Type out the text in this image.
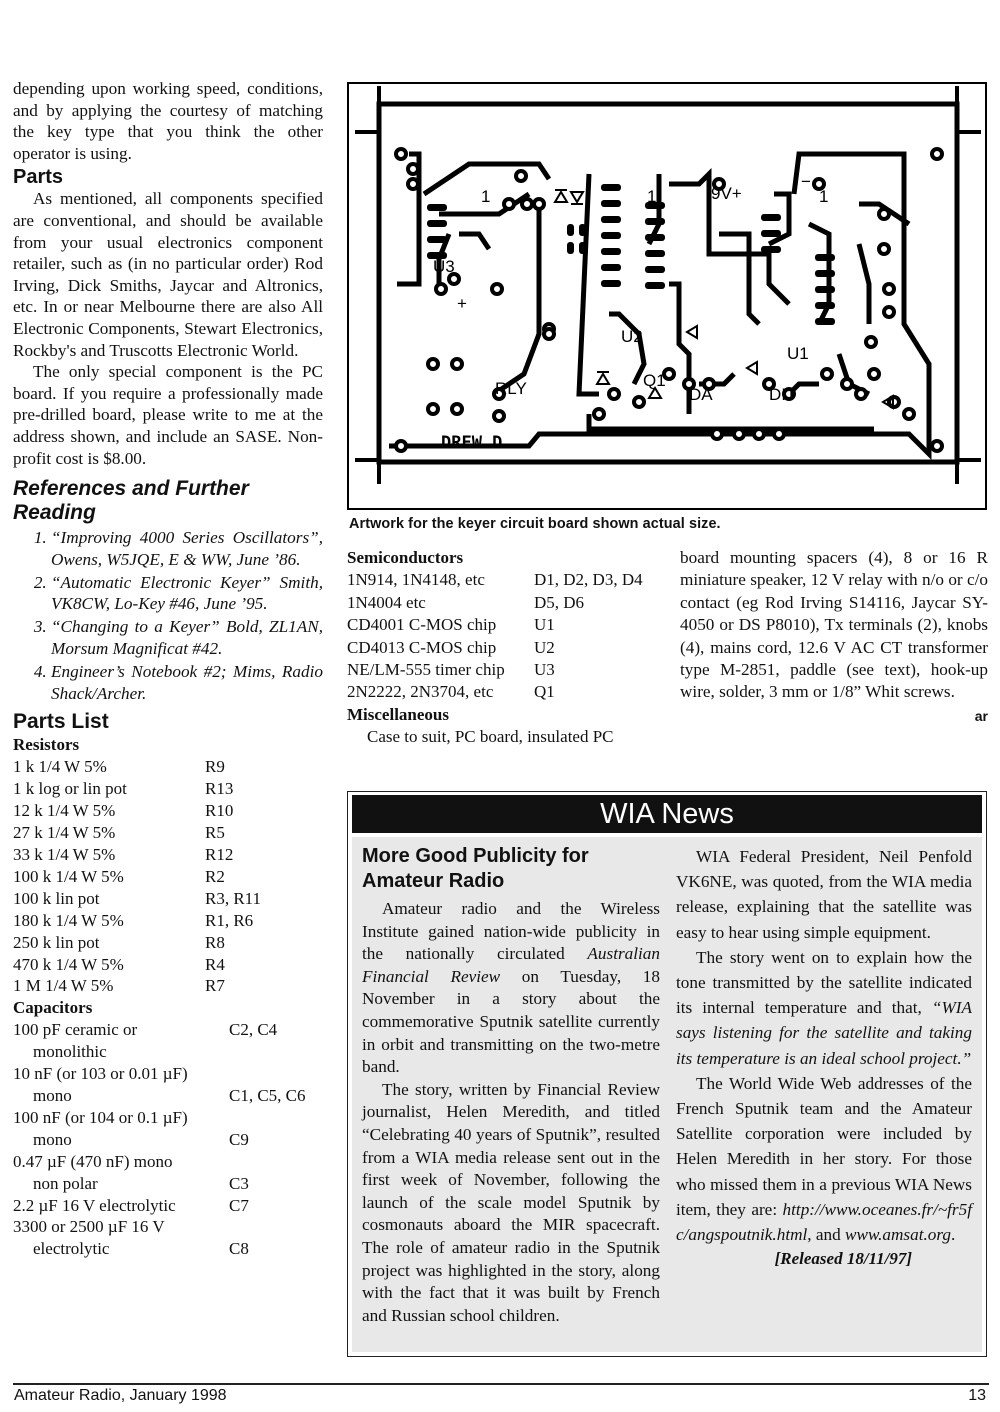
depending upon working speed, conditions, and by applying the courtesy of matching the key type that you think the other operator is using.

Parts

As mentioned, all components specified are conventional, and should be available from your usual electronics component retailer, such as (in no particular order) Rod Irving, Dick Smiths, Jaycar and Altronics, etc. In or near Melbourne there are also All Electronic Components, Stewart Electronics, Rockby's and Truscotts Electronic World.

The only special component is the PC board. If you require a professionally made pre-drilled board, please write to me at the address shown, and include an SASE. Non-profit cost is $8.00.

References and Further Reading
1. “Improving 4000 Series Oscillators”, Owens, W5JQE, E & WW, June ’86.
2. “Automatic Electronic Keyer” Smith, VK8CW, Lo-Key #46, June ’95.
3. “Changing to a Keyer” Bold, ZL1AN, Morsum Magnificat #42.
4. Engineer’s Notebook #2; Mims, Radio Shack/Archer.
Parts List
Resistors
1 k 1/4 W 5%	R9
1 k log or lin pot	R13
12 k 1/4 W 5%	R10
27 k 1/4 W 5%	R5
33 k 1/4 W 5%	R12
100 k 1/4 W 5%	R2
100 k lin pot	R3, R11
180 k 1/4 W 5%	R1, R6
250 k lin pot	R8
470 k 1/4 W 5%	R4
1 M 1/4 W 5%	R7
Capacitors
100 pF ceramic or	C2, C4
monolithic
10 nF (or 103 or 0.01 µF)
mono	C1, C5, C6
100 nF (or 104 or 0.1 µF)
mono	C9
0.47 µF (470 nF) mono
non polar	C3
2.2 µF 16 V electrolytic	C7
3300 or 2500 µF 16 V
electrolytic	C8
U3
+
1	1	1
9V+
−
U2
U1
RLY	Q1
DA	DIT
DREW D
Artwork for the keyer circuit board shown actual size.
Semiconductors
1N914, 1N4148, etc	D1, D2, D3, D4
1N4004 etc	D5, D6
CD4001 C-MOS chip	U1
CD4013 C-MOS chip	U2
NE/LM-555 timer chip	U3
2N2222, 2N3704, etc	Q1
Miscellaneous

Case to suit, PC board, insulated PC

board mounting spacers (4), 8 or 16 R miniature speaker, 12 V relay with n/o or c/o contact (eg Rod Irving S14116, Jaycar SY-4050 or DS P8010), Tx terminals (2), knobs (4), mains cord, 12.6 V AC CT transformer type M-2851, paddle (see text), hook-up wire, solder, 3 mm or 1/8” Whit screws.

ar
WIA News
More Good Publicity for Amateur Radio

Amateur radio and the Wireless Institute gained nation-wide publicity in the nationally circulated Australian Financial Review on Tuesday, 18 November in a story about the commemorative Sputnik satellite currently in orbit and transmitting on the two-metre band.

The story, written by Financial Review journalist, Helen Meredith, and titled “Celebrating 40 years of Sputnik”, resulted from a WIA media release sent out in the first week of November, following the launch of the scale model Sputnik by cosmonauts aboard the MIR spacecraft. The role of amateur radio in the Sputnik project was highlighted in the story, along with the fact that it was built by French and Russian school children.

WIA Federal President, Neil Penfold VK6NE, was quoted, from the WIA media release, explaining that the satellite was easy to hear using simple equipment.

The story went on to explain how the tone transmitted by the satellite indicated its internal temperature and that, “WIA says listening for the satellite and taking its temperature is an ideal school project.”

The World Wide Web addresses of the French Sputnik team and the Amateur Satellite corporation were included by Helen Meredith in her story. For those who missed them in a previous WIA News item, they are: http://www.oceanes.fr/~fr5fc/angspoutnik.html, and www.amsat.org.

[Released 18/11/97]
Amateur Radio, January 1998	13
